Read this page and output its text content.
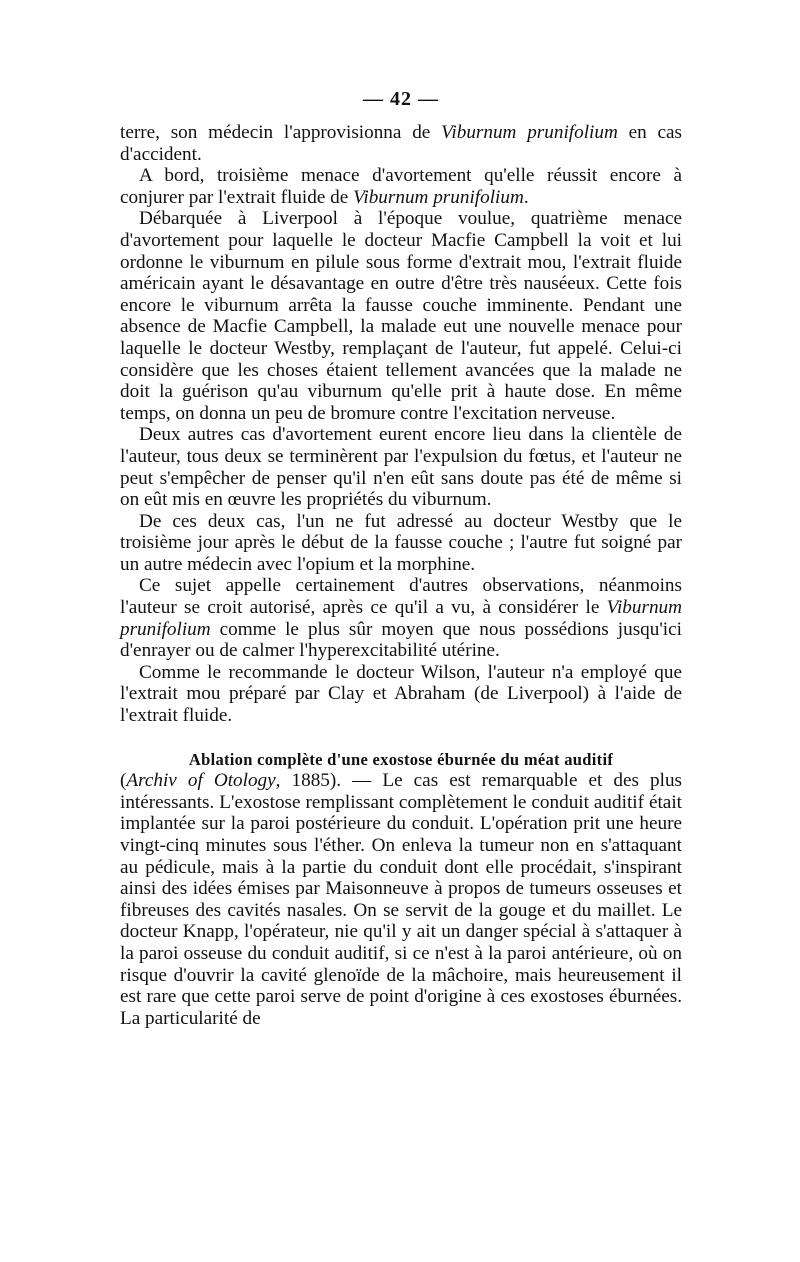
— 42 —

terre, son médecin l'approvisionna de Viburnum prunifolium en cas d'accident.

A bord, troisième menace d'avortement qu'elle réussit encore à conjurer par l'extrait fluide de Viburnum prunifolium.

Débarquée à Liverpool à l'époque voulue, quatrième menace d'avortement pour laquelle le docteur Macfie Campbell la voit et lui ordonne le viburnum en pilule sous forme d'extrait mou, l'extrait fluide américain ayant le désavantage en outre d'être très nauséeux. Cette fois encore le viburnum arrêta la fausse couche imminente. Pendant une absence de Macfie Campbell, la malade eut une nouvelle menace pour laquelle le docteur Westby, remplaçant de l'auteur, fut appelé. Celui-ci considère que les choses étaient tellement avancées que la malade ne doit la guérison qu'au viburnum qu'elle prit à haute dose. En même temps, on donna un peu de bromure contre l'excitation nerveuse.

Deux autres cas d'avortement eurent encore lieu dans la clientèle de l'auteur, tous deux se terminèrent par l'expulsion du fœtus, et l'auteur ne peut s'empêcher de penser qu'il n'en eût sans doute pas été de même si on eût mis en œuvre les propriétés du viburnum.

De ces deux cas, l'un ne fut adressé au docteur Westby que le troisième jour après le début de la fausse couche ; l'autre fut soigné par un autre médecin avec l'opium et la morphine.

Ce sujet appelle certainement d'autres observations, néanmoins l'auteur se croit autorisé, après ce qu'il a vu, à considérer le Viburnum prunifolium comme le plus sûr moyen que nous possédions jusqu'ici d'enrayer ou de calmer l'hyperexcitabilité utérine.

Comme le recommande le docteur Wilson, l'auteur n'a employé que l'extrait mou préparé par Clay et Abraham (de Liverpool) à l'aide de l'extrait fluide.

Ablation complète d'une exostose éburnée du méat auditif

(Archiv of Otology, 1885). — Le cas est remarquable et des plus intéressants. L'exostose remplissant complètement le conduit auditif était implantée sur la paroi postérieure du conduit. L'opération prit une heure vingt-cinq minutes sous l'éther. On enleva la tumeur non en s'attaquant au pédicule, mais à la partie du conduit dont elle procédait, s'inspirant ainsi des idées émises par Maisonneuve à propos de tumeurs osseuses et fibreuses des cavités nasales. On se servit de la gouge et du maillet. Le docteur Knapp, l'opérateur, nie qu'il y ait un danger spécial à s'attaquer à la paroi osseuse du conduit auditif, si ce n'est à la paroi antérieure, où on risque d'ouvrir la cavité glenoïde de la mâchoire, mais heureusement il est rare que cette paroi serve de point d'origine à ces exostoses éburnées. La particularité de
